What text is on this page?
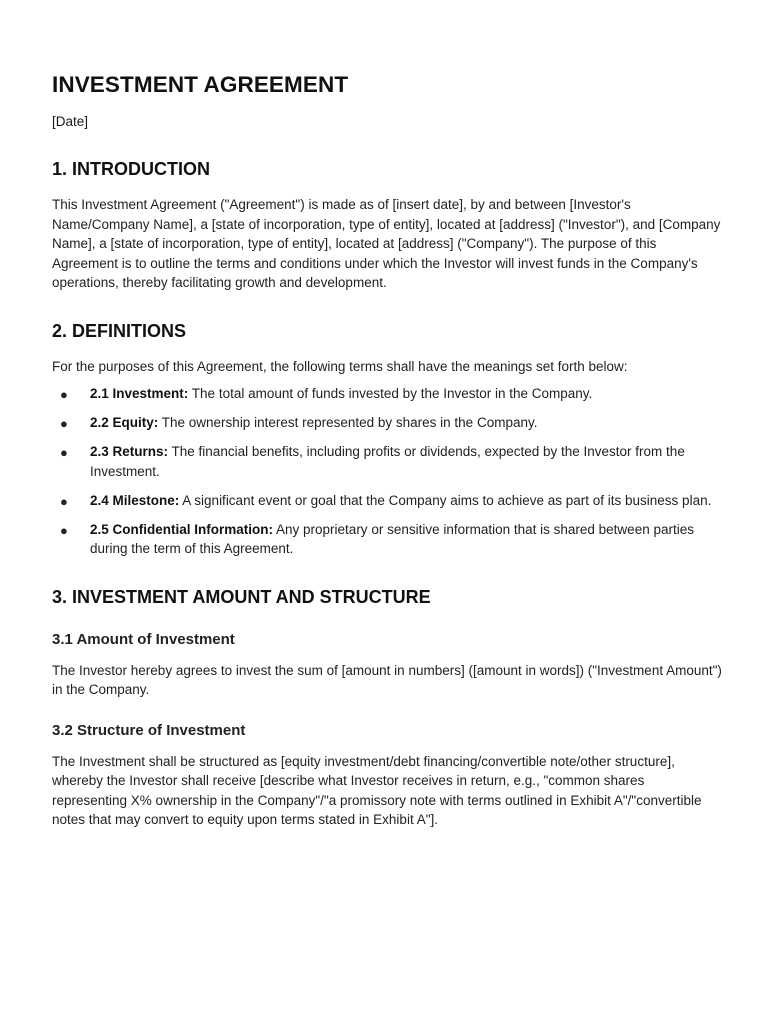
INVESTMENT AGREEMENT
[Date]
1. INTRODUCTION

This Investment Agreement ("Agreement") is made as of [insert date], by and between [Investor's Name/Company Name], a [state of incorporation, type of entity], located at [address] ("Investor"), and [Company Name], a [state of incorporation, type of entity], located at [address] ("Company"). The purpose of this Agreement is to outline the terms and conditions under which the Investor will invest funds in the Company's operations, thereby facilitating growth and development.

2. DEFINITIONS

For the purposes of this Agreement, the following terms shall have the meanings set forth below:

● 2.1 Investment: The total amount of funds invested by the Investor in the Company.
● 2.2 Equity: The ownership interest represented by shares in the Company.
● 2.3 Returns: The financial benefits, including profits or dividends, expected by the Investor from the Investment.
● 2.4 Milestone: A significant event or goal that the Company aims to achieve as part of its business plan.
● 2.5 Confidential Information: Any proprietary or sensitive information that is shared between parties during the term of this Agreement.
3. INVESTMENT AMOUNT AND STRUCTURE
3.1 Amount of Investment

The Investor hereby agrees to invest the sum of [amount in numbers] ([amount in words]) ("Investment Amount") in the Company.

3.2 Structure of Investment

The Investment shall be structured as [equity investment/debt financing/convertible note/other structure], whereby the Investor shall receive [describe what Investor receives in return, e.g., "common shares representing X% ownership in the Company"/"a promissory note with terms outlined in Exhibit A"/"convertible notes that may convert to equity upon terms stated in Exhibit A"].
